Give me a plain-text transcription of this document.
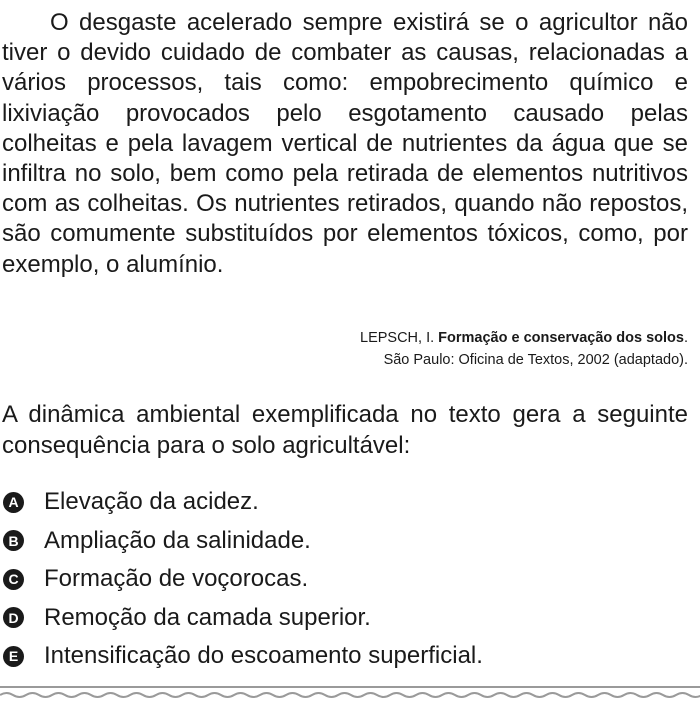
O desgaste acelerado sempre existirá se o agricultor não tiver o devido cuidado de combater as causas, relacionadas a vários processos, tais como: empobrecimento químico e lixiviação provocados pelo esgotamento causado pelas colheitas e pela lavagem vertical de nutrientes da água que se infiltra no solo, bem como pela retirada de elementos nutritivos com as colheitas. Os nutrientes retirados, quando não repostos, são comumente substituídos por elementos tóxicos, como, por exemplo, o alumínio.

LEPSCH, I. Formação e conservação dos solos.
São Paulo: Oficina de Textos, 2002 (adaptado).

A dinâmica ambiental exemplificada no texto gera a seguinte consequência para o solo agricultável:

A Elevação da acidez.
B Ampliação da salinidade.
C Formação de voçorocas.
D Remoção da camada superior.
E Intensificação do escoamento superficial.
